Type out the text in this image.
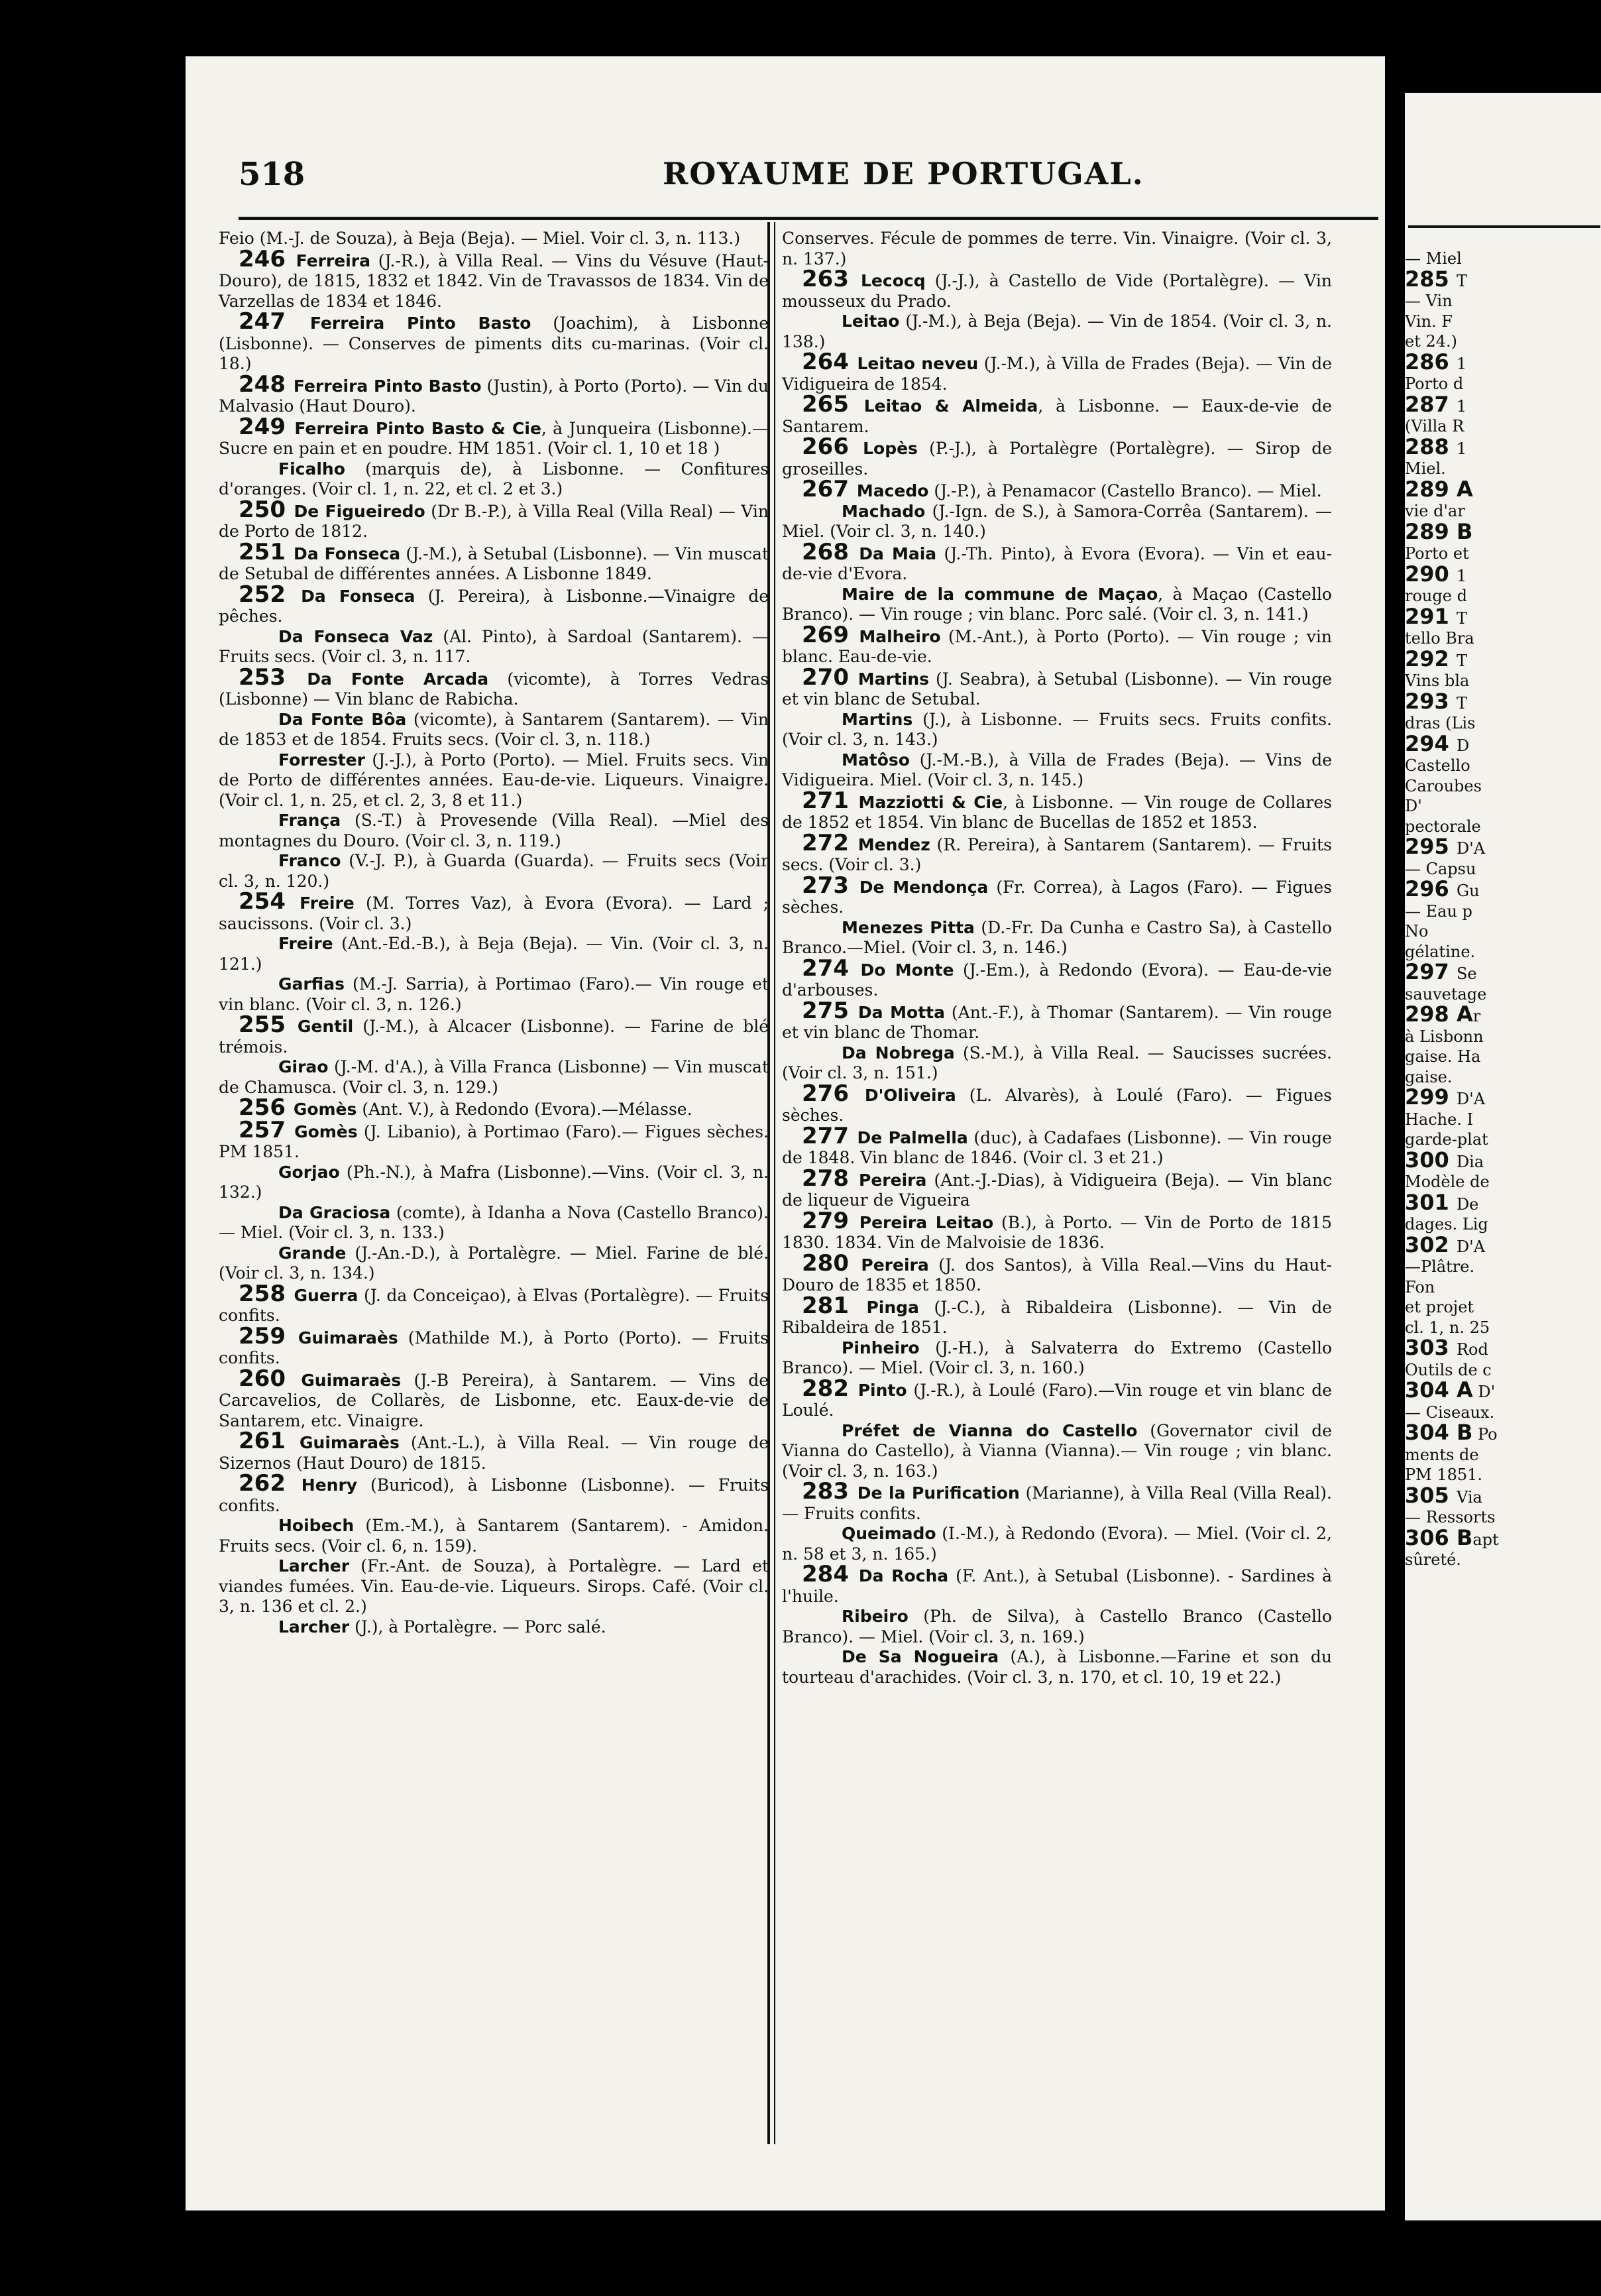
518	ROYAUME DE PORTUGAL.

Feio (M.-J. de Souza), à Beja (Beja). — Miel. Voir cl. 3, n. 113.)

246 Ferreira (J.-R.), à Villa Real. — Vins du Vésuve (Haut-Douro), de 1815, 1832 et 1842. Vin de Travassos de 1834. Vin de Varzellas de 1834 et 1846.

247 Ferreira Pinto Basto (Joachim), à Lisbonne (Lisbonne). — Conserves de piments dits cu-marinas. (Voir cl. 18.)

248 Ferreira Pinto Basto (Justin), à Porto (Porto). — Vin du Malvasio (Haut Douro).

249 Ferreira Pinto Basto & Cie, à Junqueira (Lisbonne).— Sucre en pain et en poudre. HM 1851. (Voir cl. 1, 10 et 18 )

Ficalho (marquis de), à Lisbonne. — Confitures d'oranges. (Voir cl. 1, n. 22, et cl. 2 et 3.)

250 De Figueiredo (Dr B.-P.), à Villa Real (Villa Real) — Vin de Porto de 1812.

251 Da Fonseca (J.-M.), à Setubal (Lisbonne). — Vin muscat de Setubal de différentes années. A Lisbonne 1849.

252 Da Fonseca (J. Pereira), à Lisbonne.—Vinaigre de pêches.

Da Fonseca Vaz (Al. Pinto), à Sardoal (Santarem). — Fruits secs. (Voir cl. 3, n. 117.

253 Da Fonte Arcada (vicomte), à Torres Vedras (Lisbonne) — Vin blanc de Rabicha.

Da Fonte Bôa (vicomte), à Santarem (Santarem). — Vin de 1853 et de 1854. Fruits secs. (Voir cl. 3, n. 118.)

Forrester (J.-J.), à Porto (Porto). — Miel. Fruits secs. Vin de Porto de différentes années. Eau-de-vie. Liqueurs. Vinaigre. (Voir cl. 1, n. 25, et cl. 2, 3, 8 et 11.)

França (S.-T.) à Provesende (Villa Real). —Miel des montagnes du Douro. (Voir cl. 3, n. 119.)

Franco (V.-J. P.), à Guarda (Guarda). — Fruits secs (Voir cl. 3, n. 120.)

254 Freire (M. Torres Vaz), à Evora (Evora). — Lard ; saucissons. (Voir cl. 3.)

Freire (Ant.-Ed.-B.), à Beja (Beja). — Vin. (Voir cl. 3, n. 121.)

Garfias (M.-J. Sarria), à Portimao (Faro).— Vin rouge et vin blanc. (Voir cl. 3, n. 126.)

255 Gentil (J.-M.), à Alcacer (Lisbonne). — Farine de blé trémois.

Girao (J.-M. d'A.), à Villa Franca (Lisbonne) — Vin muscat de Chamusca. (Voir cl. 3, n. 129.)

256 Gomès (Ant. V.), à Redondo (Evora).—Mélasse.

257 Gomès (J. Libanio), à Portimao (Faro).— Figues sèches. PM 1851.

Gorjao (Ph.-N.), à Mafra (Lisbonne).—Vins. (Voir cl. 3, n. 132.)

Da Graciosa (comte), à Idanha a Nova (Castello Branco). — Miel. (Voir cl. 3, n. 133.)

Grande (J.-An.-D.), à Portalègre. — Miel. Farine de blé. (Voir cl. 3, n. 134.)

258 Guerra (J. da Conceiçao), à Elvas (Portalègre). — Fruits confits.

259 Guimaraès (Mathilde M.), à Porto (Porto). — Fruits confits.

260 Guimaraès (J.-B Pereira), à Santarem. — Vins de Carcavelios, de Collarès, de Lisbonne, etc. Eaux-de-vie de Santarem, etc. Vinaigre.

261 Guimaraès (Ant.-L.), à Villa Real. — Vin rouge de Sizernos (Haut Douro) de 1815.

262 Henry (Buricod), à Lisbonne (Lisbonne). — Fruits confits.

Hoibech (Em.-M.), à Santarem (Santarem). - Amidon. Fruits secs. (Voir cl. 6, n. 159).

Larcher (Fr.-Ant. de Souza), à Portalègre. — Lard et viandes fumées. Vin. Eau-de-vie. Liqueurs. Sirops. Café. (Voir cl. 3, n. 136 et cl. 2.)

Larcher (J.), à Portalègre. — Porc salé.

Conserves. Fécule de pommes de terre. Vin. Vinaigre. (Voir cl. 3, n. 137.)

263 Lecocq (J.-J.), à Castello de Vide (Portalègre). — Vin mousseux du Prado.

Leitao (J.-M.), à Beja (Beja). — Vin de 1854. (Voir cl. 3, n. 138.)

264 Leitao neveu (J.-M.), à Villa de Frades (Beja). — Vin de Vidigueira de 1854.

265 Leitao & Almeida, à Lisbonne. — Eaux-de-vie de Santarem.

266 Lopès (P.-J.), à Portalègre (Portalègre). — Sirop de groseilles.

267 Macedo (J.-P.), à Penamacor (Castello Branco). — Miel.

Machado (J.-Ign. de S.), à Samora-Corrêa (Santarem). — Miel. (Voir cl. 3, n. 140.)

268 Da Maia (J.-Th. Pinto), à Evora (Evora). — Vin et eau-de-vie d'Evora.

Maire de la commune de Maçao, à Maçao (Castello Branco). — Vin rouge ; vin blanc. Porc salé. (Voir cl. 3, n. 141.)

269 Malheiro (M.-Ant.), à Porto (Porto). — Vin rouge ; vin blanc. Eau-de-vie.

270 Martins (J. Seabra), à Setubal (Lisbonne). — Vin rouge et vin blanc de Setubal.

Martins (J.), à Lisbonne. — Fruits secs. Fruits confits. (Voir cl. 3, n. 143.)

Matôso (J.-M.-B.), à Villa de Frades (Beja). — Vins de Vidigueira. Miel. (Voir cl. 3, n. 145.)

271 Mazziotti & Cie, à Lisbonne. — Vin rouge de Collares de 1852 et 1854. Vin blanc de Bucellas de 1852 et 1853.

272 Mendez (R. Pereira), à Santarem (Santarem). — Fruits secs. (Voir cl. 3.)

273 De Mendonça (Fr. Correa), à Lagos (Faro). — Figues sèches.

Menezes Pitta (D.-Fr. Da Cunha e Castro Sa), à Castello Branco.—Miel. (Voir cl. 3, n. 146.)

274 Do Monte (J.-Em.), à Redondo (Evora). — Eau-de-vie d'arbouses.

275 Da Motta (Ant.-F.), à Thomar (Santarem). — Vin rouge et vin blanc de Thomar.

Da Nobrega (S.-M.), à Villa Real. — Saucisses sucrées. (Voir cl. 3, n. 151.)

276 D'Oliveira (L. Alvarès), à Loulé (Faro). — Figues sèches.

277 De Palmella (duc), à Cadafaes (Lisbonne). — Vin rouge de 1848. Vin blanc de 1846. (Voir cl. 3 et 21.)

278 Pereira (Ant.-J.-Dias), à Vidigueira (Beja). — Vin blanc de liqueur de Vigueira

279 Pereira Leitao (B.), à Porto. — Vin de Porto de 1815 1830. 1834. Vin de Malvoisie de 1836.

280 Pereira (J. dos Santos), à Villa Real.—Vins du Haut-Douro de 1835 et 1850.

281 Pinga (J.-C.), à Ribaldeira (Lisbonne). — Vin de Ribaldeira de 1851.

Pinheiro (J.-H.), à Salvaterra do Extremo (Castello Branco). — Miel. (Voir cl. 3, n. 160.)

282 Pinto (J.-R.), à Loulé (Faro).—Vin rouge et vin blanc de Loulé.

Préfet de Vianna do Castello (Governator civil de Vianna do Castello), à Vianna (Vianna).— Vin rouge ; vin blanc. (Voir cl. 3, n. 163.)

283 De la Purification (Marianne), à Villa Real (Villa Real). — Fruits confits.

Queimado (I.-M.), à Redondo (Evora). — Miel. (Voir cl. 2, n. 58 et 3, n. 165.)

284 Da Rocha (F. Ant.), à Setubal (Lisbonne). - Sardines à l'huile.

Ribeiro (Ph. de Silva), à Castello Branco (Castello Branco). — Miel. (Voir cl. 3, n. 169.)

De Sa Nogueira (A.), à Lisbonne.—Farine et son du tourteau d'arachides. (Voir cl. 3, n. 170, et cl. 10, 19 et 22.)

— Miel
285 T
— Vin
Vin. F
et 24.)
286 1
Porto d
287 1
(Villa R
288 1
Miel.
289 A
vie d'ar
289 B
Porto et
290 1
rouge d
291 T
tello Bra
292 T
Vins bla
293 T
dras (Lis
294 D
Castello
Caroubes
D'
pectorale
295 D'A
— Capsu
296 Gu
— Eau p
No
gélatine.
297 Se
sauvetage
298 Ar
à Lisbonn
gaise. Ha
gaise.
299 D'A
Hache. I
garde-plat
300 Dia
Modèle de
301 De
dages. Lig
302 D'A
—Plâtre.
Fon
et projet
cl. 1, n. 25
303 Rod
Outils de c
304 A D'
— Ciseaux.
304 B Po
ments de
PM 1851.
305 Via
— Ressorts
306 Bapt
sûreté.
